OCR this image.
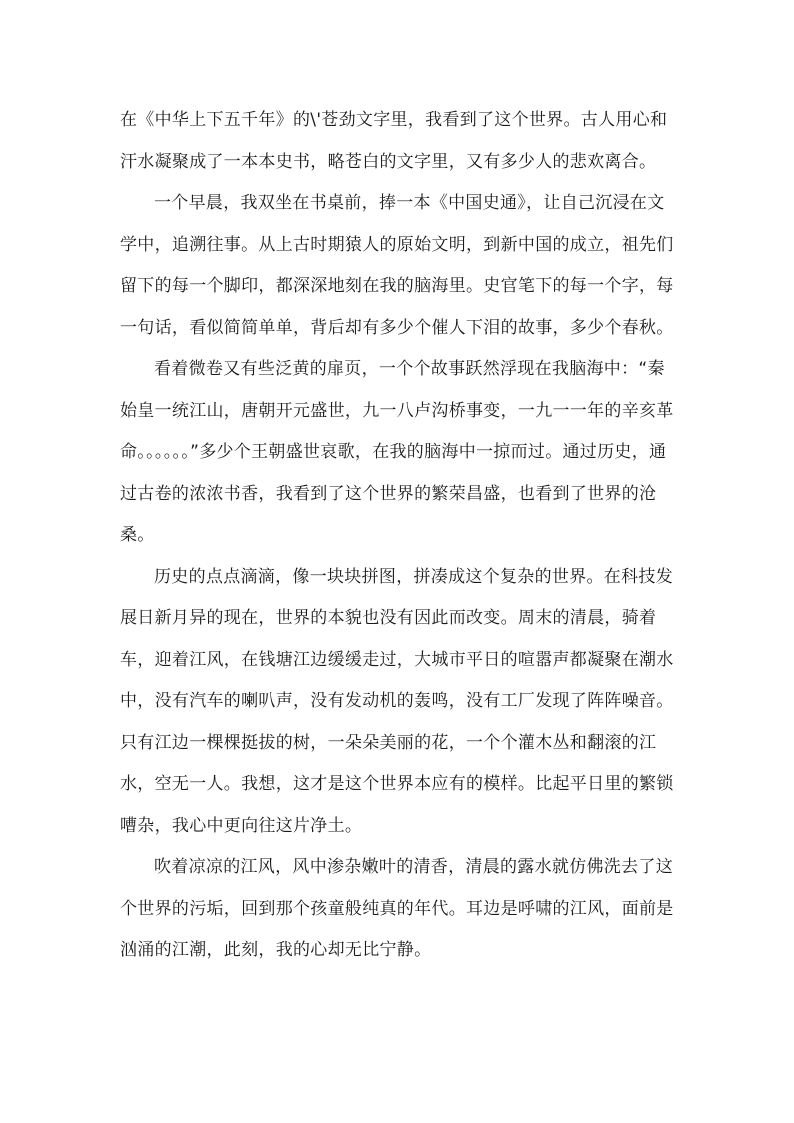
在《中华上下五千年》的\'苍劲文字里，我看到了这个世界。古人用心和汗水凝聚成了一本本史书，略苍白的文字里，又有多少人的悲欢离合。

一个早晨，我双坐在书桌前，捧一本《中国史通》，让自己沉浸在文学中，追溯往事。从上古时期猿人的原始文明，到新中国的成立，祖先们留下的每一个脚印，都深深地刻在我的脑海里。史官笔下的每一个字，每一句话，看似简简单单，背后却有多少个催人下泪的故事，多少个春秋。

看着微卷又有些泛黄的扉页，一个个故事跃然浮现在我脑海中：“秦始皇一统江山，唐朝开元盛世，九一八卢沟桥事变，一九一一年的辛亥革命。。。。。。”多少个王朝盛世哀歌，在我的脑海中一掠而过。通过历史，通过古卷的浓浓书香，我看到了这个世界的繁荣昌盛，也看到了世界的沧桑。

历史的点点滴滴，像一块块拼图，拼凑成这个复杂的世界。在科技发展日新月异的现在，世界的本貌也没有因此而改变。周末的清晨，骑着车，迎着江风，在钱塘江边缓缓走过，大城市平日的喧嚣声都凝聚在潮水中，没有汽车的喇叭声，没有发动机的轰鸣，没有工厂发现了阵阵噪音。只有江边一棵棵挺拔的树，一朵朵美丽的花，一个个灌木丛和翻滚的江水，空无一人。我想，这才是这个世界本应有的模样。比起平日里的繁锁嘈杂，我心中更向往这片净土。

吹着凉凉的江风，风中渗杂嫩叶的清香，清晨的露水就仿佛洗去了这个世界的污垢，回到那个孩童般纯真的年代。耳边是呼啸的江风，面前是汹涌的江潮，此刻，我的心却无比宁静。
